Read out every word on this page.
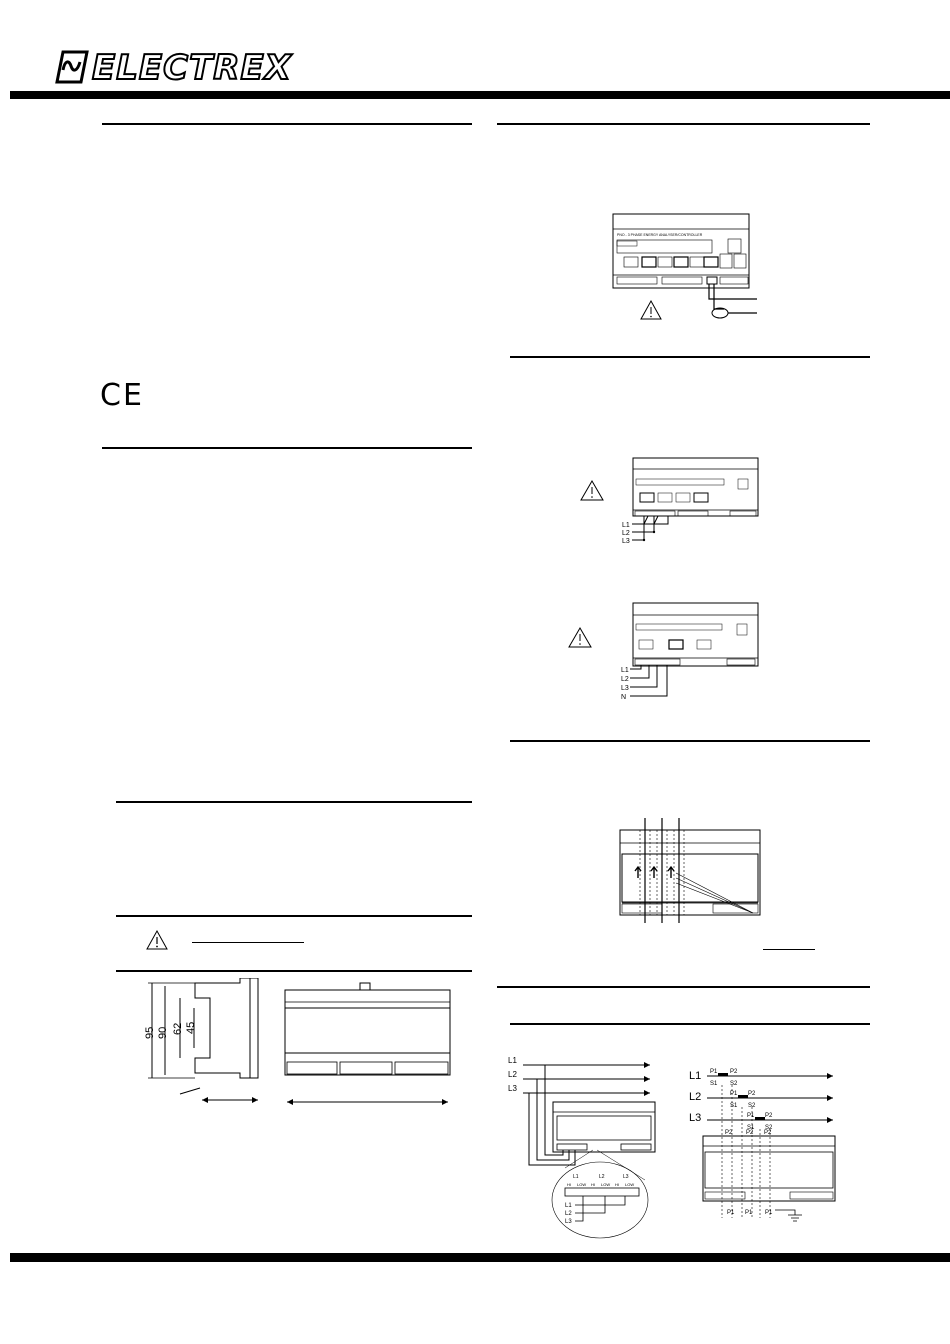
ELECTREX
CE
95 90 62 45
PNO - 3 PHASE ENERGY ANALYSER/CONTROLLER
L1
L2
L3
L1
L2
L3
N
L1
L2
L3
L1	L2	L3
HI LOW HI LOW HI LOW
L1
L2
L3
L1
L2
L3
P1 P2
S1 S2
P1 P2
S1 S2
P1 P2
S1 S2
P2 P2 P2
P1 P1 P1
